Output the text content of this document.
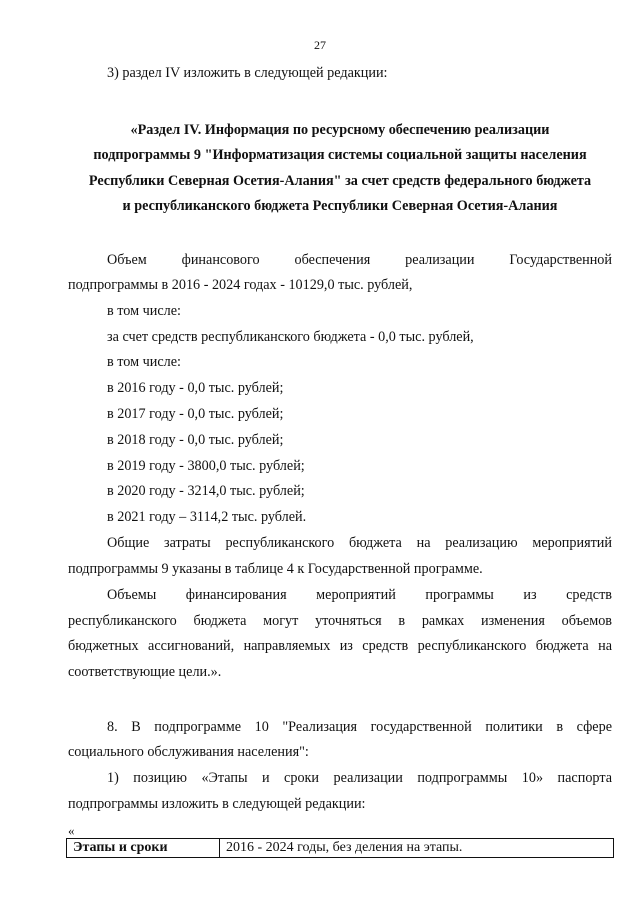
27
3) раздел IV изложить в следующей редакции:
«Раздел IV. Информация по ресурсному обеспечению реализации
подпрограммы 9 "Информатизация системы социальной защиты населения
Республики Северная Осетия-Алания" за счет средств федерального бюджета
и республиканского бюджета Республики Северная Осетия-Алания
Объем финансового обеспечения реализации Государственной
подпрограммы в 2016 - 2024 годах - 10129,0 тыс. рублей,
в том числе:
за счет средств республиканского бюджета - 0,0 тыс. рублей,
в том числе:
в 2016 году - 0,0 тыс. рублей;
в 2017 году - 0,0 тыс. рублей;
в 2018 году - 0,0 тыс. рублей;
в 2019 году - 3800,0 тыс. рублей;
в 2020 году - 3214,0 тыс. рублей;
в 2021 году – 3114,2 тыс. рублей.
Общие затраты республиканского бюджета на реализацию мероприятий
подпрограммы 9 указаны в таблице 4 к Государственной программе.
Объемы финансирования мероприятий программы из средств
республиканского бюджета могут уточняться в рамках изменения объемов
бюджетных ассигнований, направляемых из средств республиканского бюджета на
соответствующие цели.».
8. В подпрограмме 10 "Реализация государственной политики в сфере
социального обслуживания населения":
1) позицию «Этапы и сроки реализации подпрограммы 10» паспорта
подпрограммы изложить в следующей редакции:
«
Этапы и сроки	2016 - 2024 годы, без деления на этапы.
